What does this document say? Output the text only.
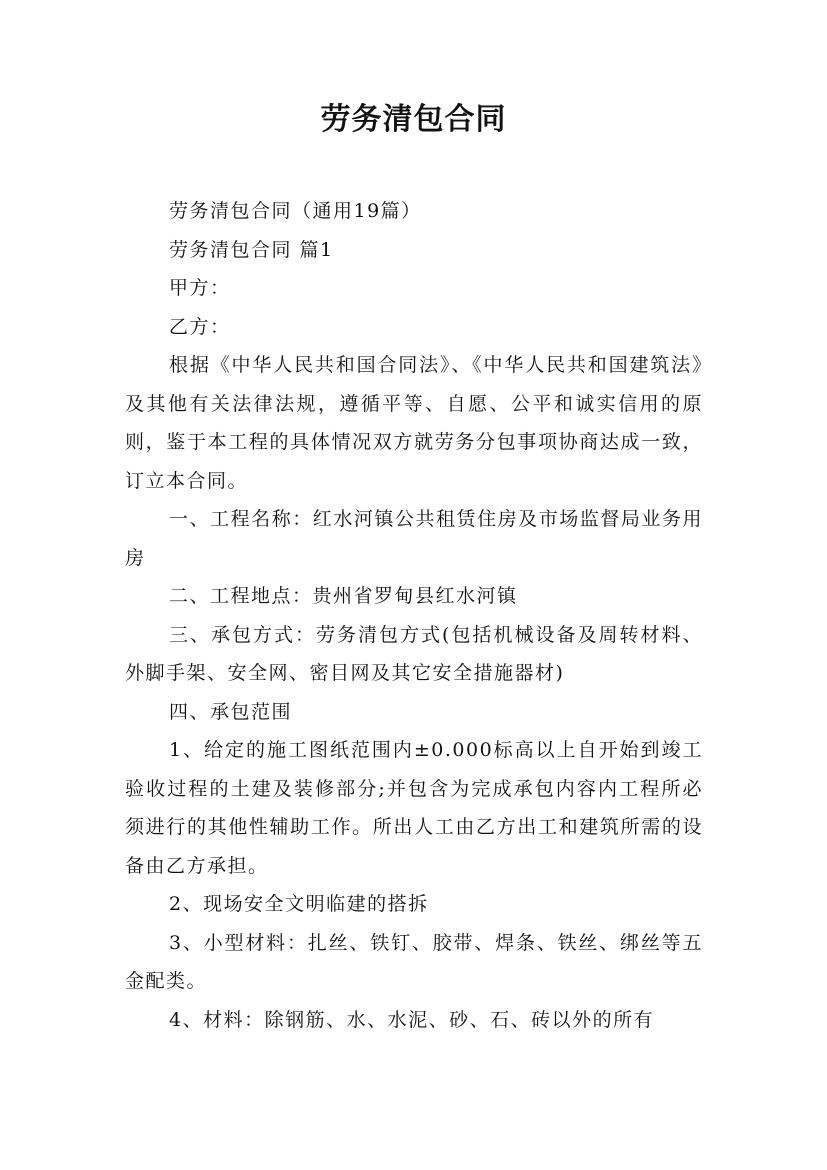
劳务清包合同

劳务清包合同（通用19篇）

劳务清包合同 篇1

甲方：

乙方：

根据《中华人民共和国合同法》、《中华人民共和国建筑法》及其他有关法律法规，遵循平等、自愿、公平和诚实信用的原则，鉴于本工程的具体情况双方就劳务分包事项协商达成一致，订立本合同。

一、工程名称：红水河镇公共租赁住房及市场监督局业务用房

二、工程地点：贵州省罗甸县红水河镇

三、承包方式：劳务清包方式(包括机械设备及周转材料、外脚手架、安全网、密目网及其它安全措施器材)

四、承包范围

1、给定的施工图纸范围内±0.000标高以上自开始到竣工验收过程的土建及装修部分;并包含为完成承包内容内工程所必须进行的其他性辅助工作。所出人工由乙方出工和建筑所需的设备由乙方承担。

2、现场安全文明临建的搭拆

3、小型材料：扎丝、铁钉、胶带、焊条、铁丝、绑丝等五金配类。

4、材料：除钢筋、水、水泥、砂、石、砖以外的所有
